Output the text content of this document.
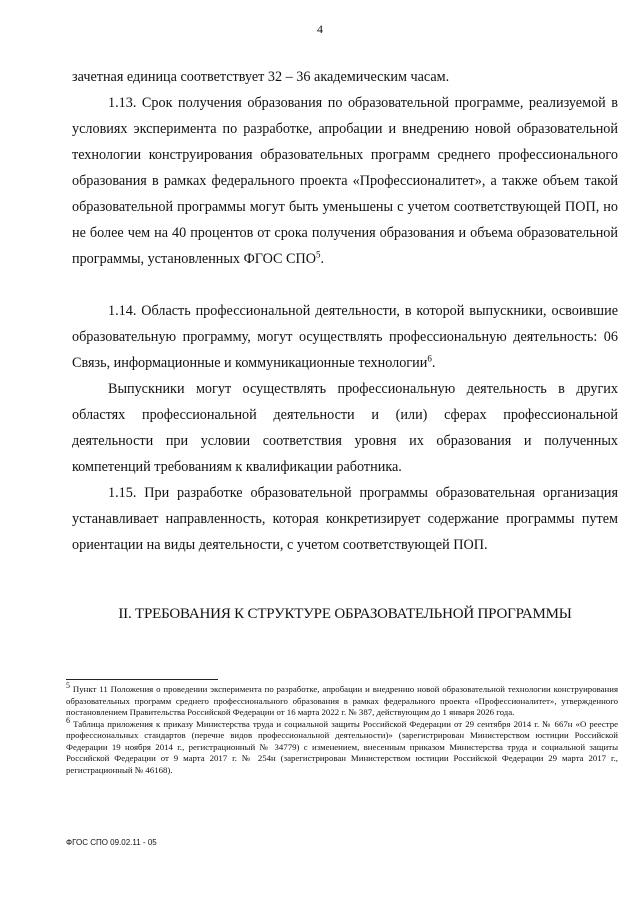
4

зачетная единица соответствует 32 – 36 академическим часам.

1.13. Срок получения образования по образовательной программе, реализуемой в условиях эксперимента по разработке, апробации и внедрению новой образовательной технологии конструирования образовательных программ среднего профессионального образования в рамках федерального проекта «Профессионалитет», а также объем такой образовательной программы могут быть уменьшены с учетом соответствующей ПОП, но не более чем на 40 процентов от срока получения образования и объема образовательной программы, установленных ФГОС СПО$^5$.

1.14. Область профессиональной деятельности, в которой выпускники, освоившие образовательную программу, могут осуществлять профессиональную деятельность: 06 Связь, информационные и коммуникационные технологии$^6$.

Выпускники могут осуществлять профессиональную деятельность в других областях профессиональной деятельности и (или) сферах профессиональной деятельности при условии соответствия уровня их образования и полученных компетенций требованиям к квалификации работника.

1.15. При разработке образовательной программы образовательная организация устанавливает направленность, которая конкретизирует содержание программы путем ориентации на виды деятельности, с учетом соответствующей ПОП.

II. ТРЕБОВАНИЯ К СТРУКТУРЕ ОБРАЗОВАТЕЛЬНОЙ ПРОГРАММЫ

5 Пункт 11 Положения о проведении эксперимента по разработке, апробации и внедрению новой образовательной технологии конструирования образовательных программ среднего профессионального образования в рамках федерального проекта «Профессионалитет», утвержденного постановлением Правительства Российской Федерации от 16 марта 2022 г. № 387, действующим до 1 января 2026 года.

6 Таблица приложения к приказу Министерства труда и социальной защиты Российской Федерации от 29 сентября 2014 г. № 667н «О реестре профессиональных стандартов (перечне видов профессиональной деятельности)» (зарегистрирован Министерством юстиции Российской Федерации 19 ноября 2014 г., регистрационный № 34779) с изменением, внесенным приказом Министерства труда и социальной защиты Российской Федерации от 9 марта 2017 г. № 254н (зарегистрирован Министерством юстиции Российской Федерации 29 марта 2017 г., регистрационный № 46168).

ФГОС СПО 09.02.11 - 05
